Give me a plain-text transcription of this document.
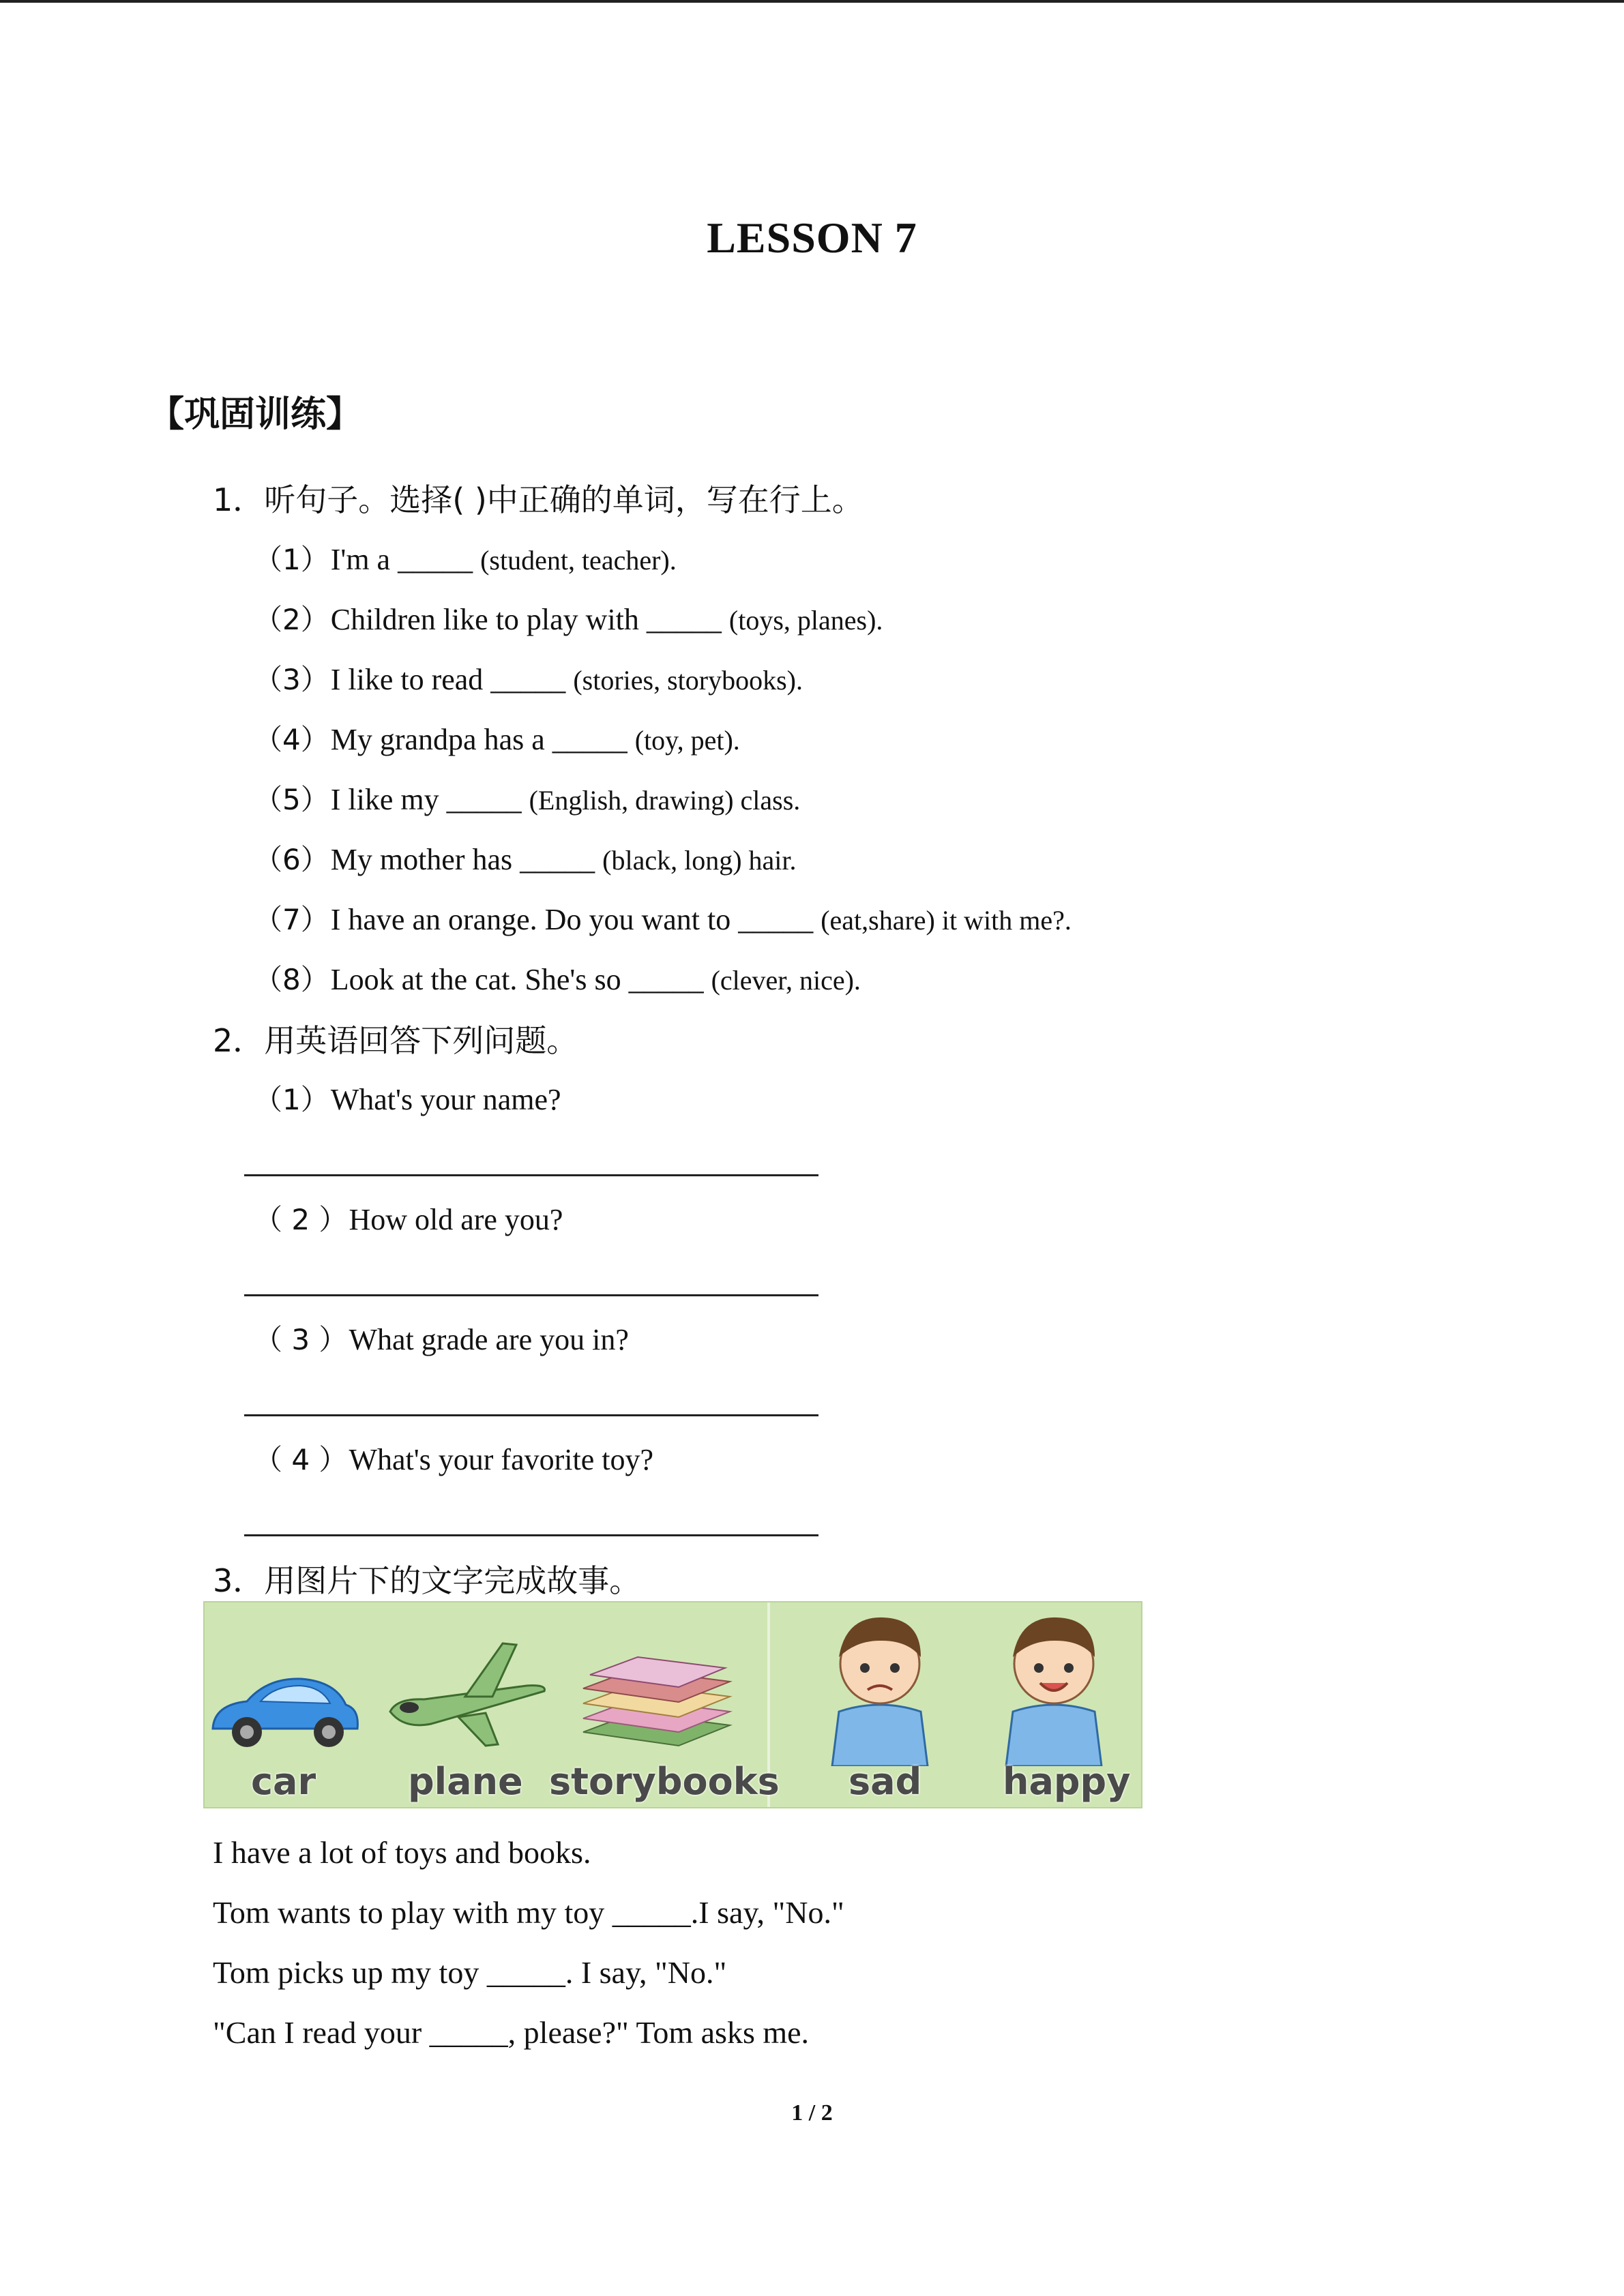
LESSON 7
【巩固训练】
1．听句子。选择( )中正确的单词，写在行上。
（1）I'm a _____ (student, teacher).
（2）Children like to play with _____ (toys, planes).
（3）I like to read _____ (stories, storybooks).
（4）My grandpa has a _____ (toy, pet).
（5）I like my _____ (English, drawing) class.
（6）My mother has _____ (black, long) hair.
（7）I have an orange. Do you want to _____ (eat,share) it with me?.
（8）Look at the cat. She's so _____ (clever, nice).
2．用英语回答下列问题。
（1）What's your name?
（ 2 ）How old are you?
（ 3 ）What grade are you in?
（ 4 ）What's your favorite toy?
3．用图片下的文字完成故事。
car plane storybooks sad happy
I have a lot of toys and books.
Tom wants to play with my toy _____.I say, "No."
Tom picks up my toy _____. I say, "No."
"Can I read your _____, please?" Tom asks me.
1 / 2
